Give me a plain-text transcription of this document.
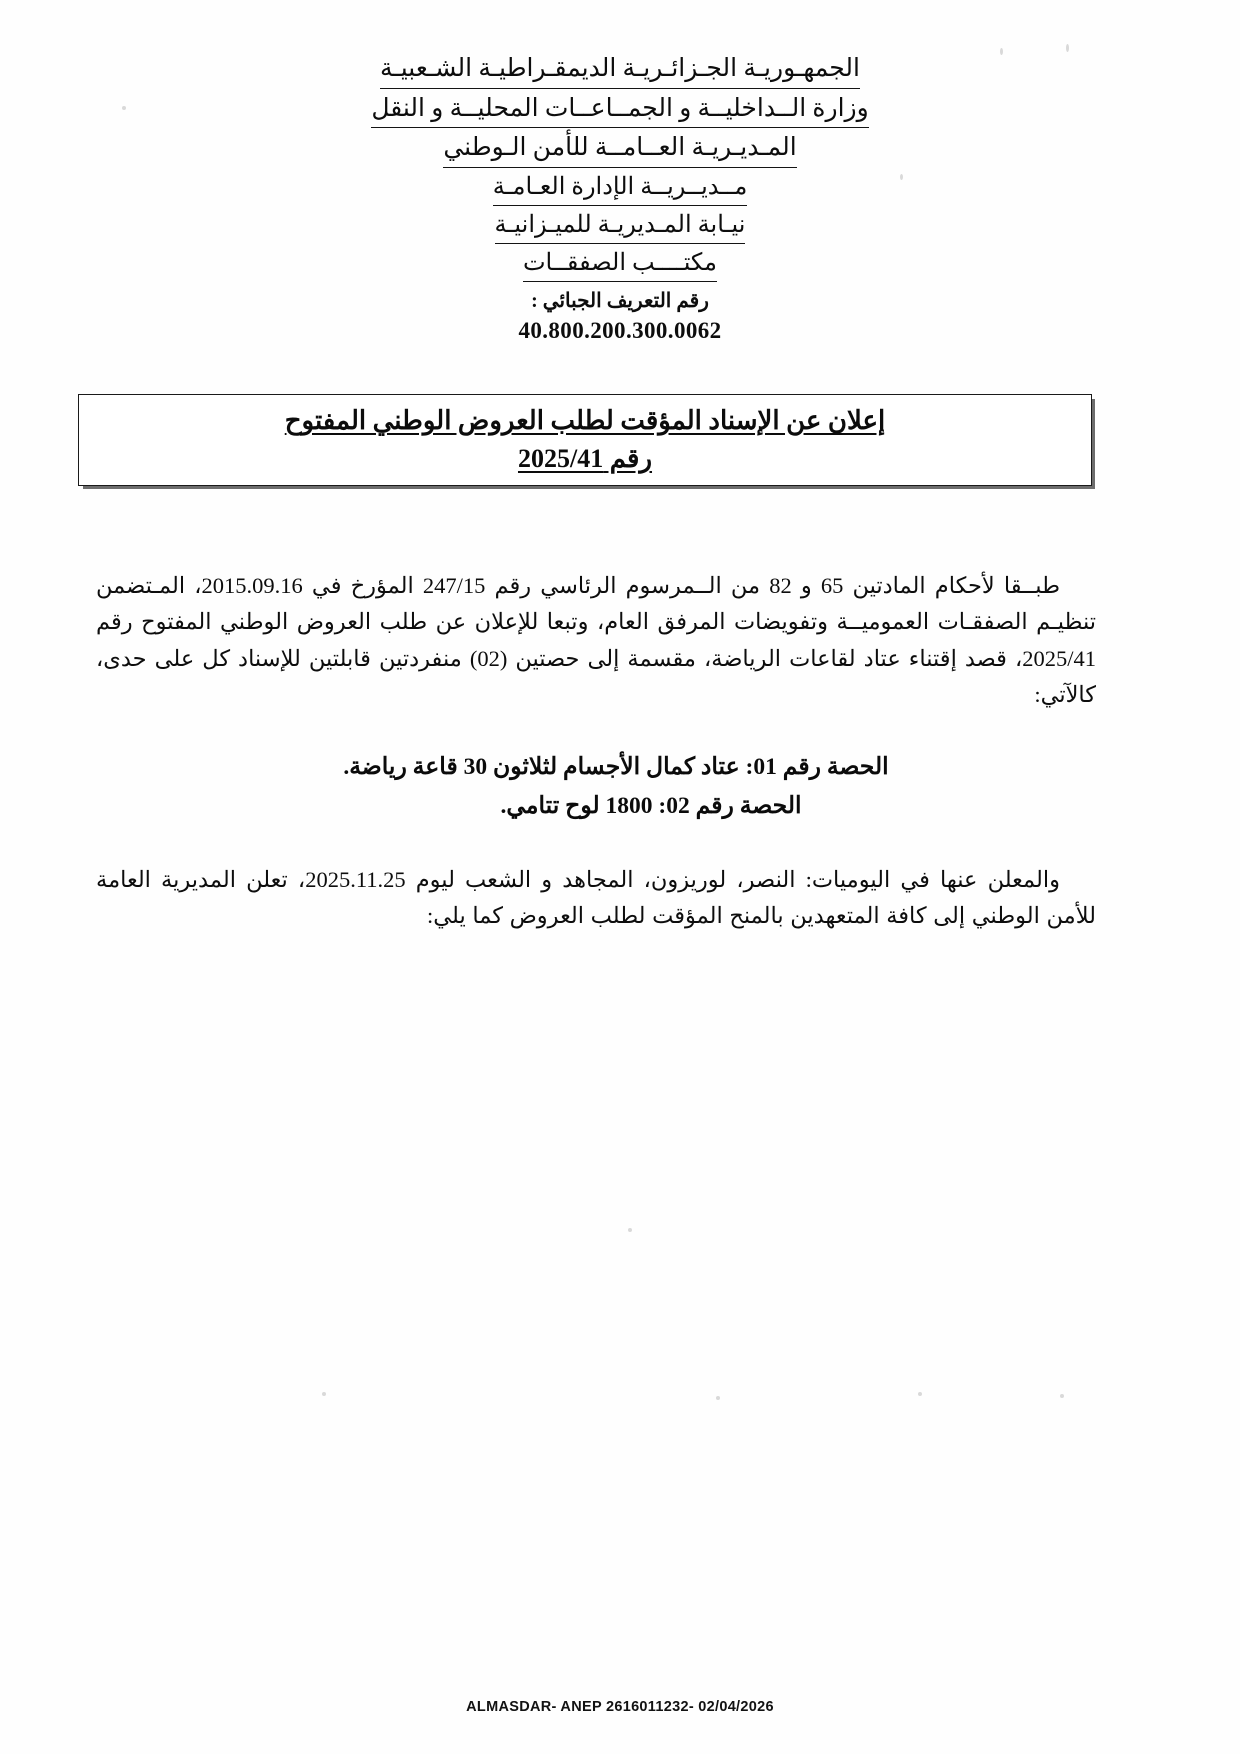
الجمهـوريـة الجـزائـريـة الديمقـراطيـة الشـعبيـة
وزارة الــداخليــة و الجمــاعــات المحليــة و النقل
المـديـريـة العــامــة للأمن الـوطني
مــديــريــة الإدارة العـامـة
نيـابة المـديريـة للميـزانيـة
مكتــــب الصفقــات
رقم التعريف الجبائي :
40.800.200.300.0062
إعلان عن الإسناد المؤقت لطلب العروض الوطني المفتوح
رقم 2025/41

طبــقا لأحكام المادتين 65 و 82 من الــمرسوم الرئاسي رقم 247/15 المؤرخ في 2015.09.16، المـتضمن تنظيـم الصفقـات العموميــة وتفويضات المرفق العام، وتبعا للإعلان عن طلب العروض الوطني المفتوح رقم 2025/41، قصد إقتناء عتاد لقاعات الرياضة، مقسمة إلى حصتين (02) منفردتين قابلتين للإسناد كل على حدى، كالآتي:

الحصة رقم 01: عتاد كمال الأجسام لثلاثون 30 قاعة رياضة.

الحصة رقم 02: 1800 لوح تتامي.

والمعلن عنها في اليوميات: النصر، لوريزون، المجاهد و الشعب ليوم 2025.11.25، تعلن المديرية العامة للأمن الوطني إلى كافة المتعهدين بالمنح المؤقت لطلب العروض كما يلي:

ALMASDAR- ANEP 2616011232- 02/04/2026
